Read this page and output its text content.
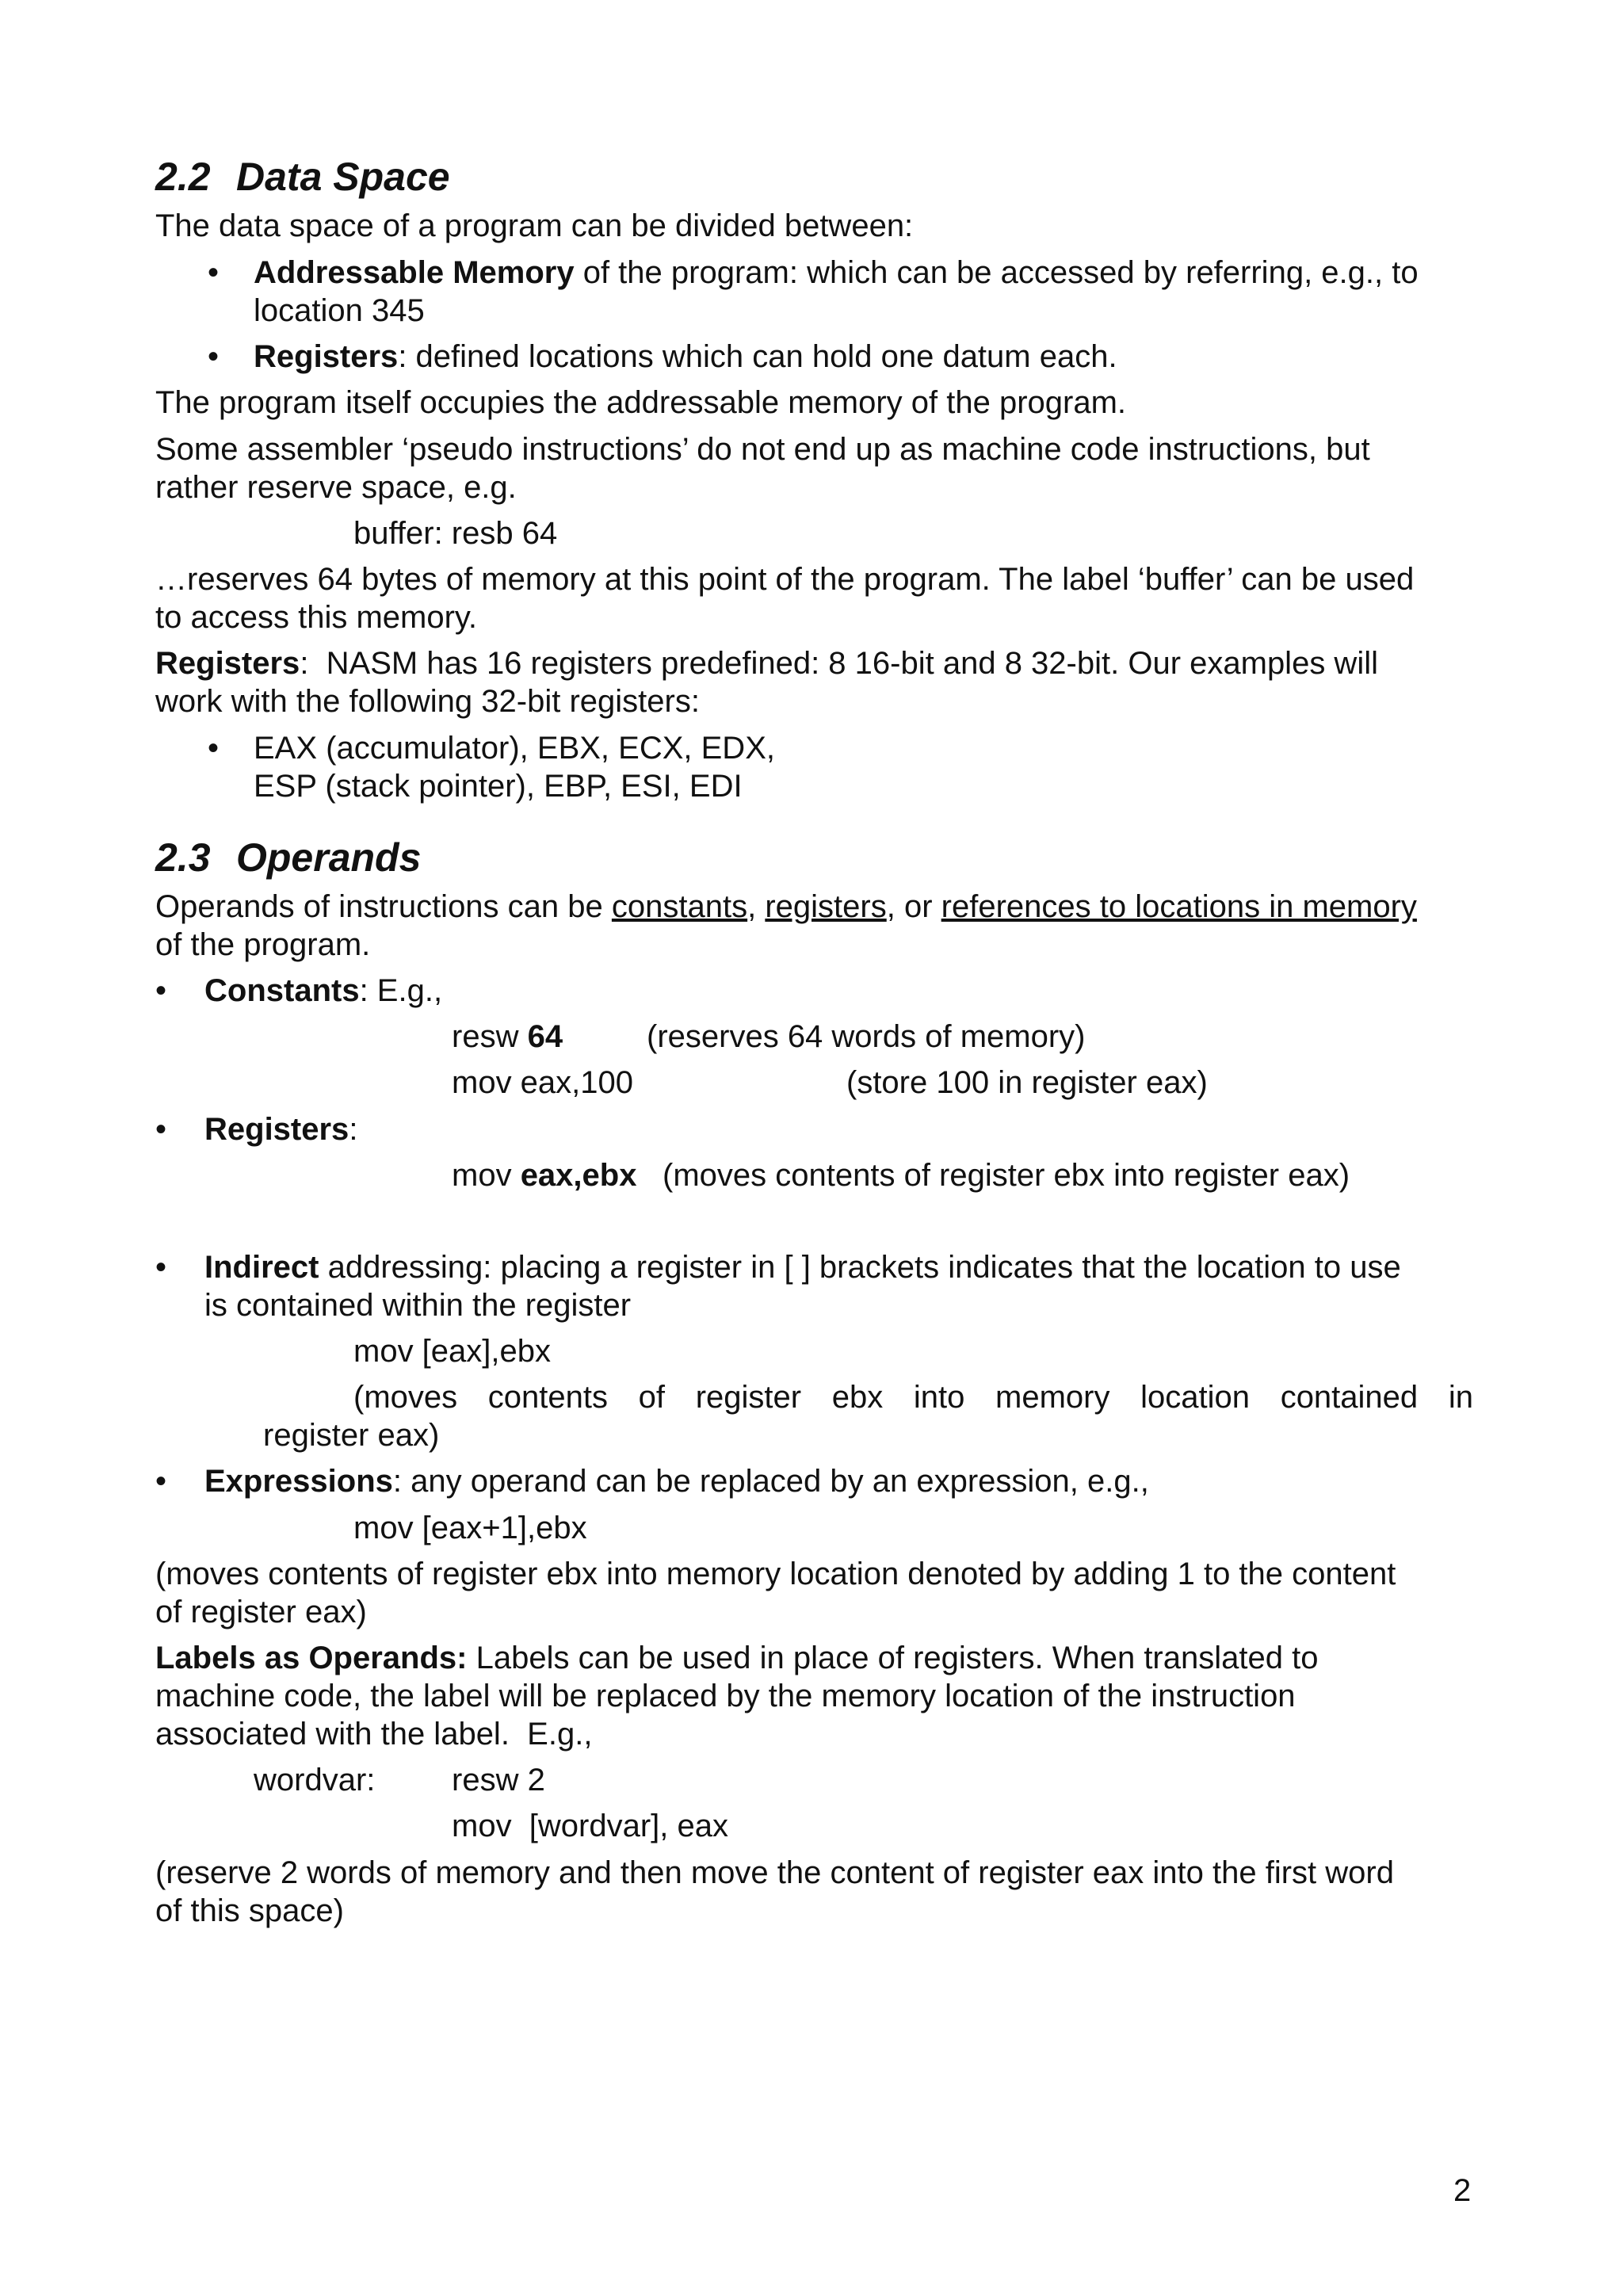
2.2 Data Space
The data space of a program can be divided between:
• Addressable Memory of the program: which can be accessed by referring, e.g., to
location 345
• Registers: defined locations which can hold one datum each.
The program itself occupies the addressable memory of the program.
Some assembler ‘pseudo instructions’ do not end up as machine code instructions, but
rather reserve space, e.g.
buffer: resb 64
…reserves 64 bytes of memory at this point of the program. The label ‘buffer’ can be used
to access this memory.
Registers:  NASM has 16 registers predefined: 8 16-bit and 8 32-bit. Our examples will
work with the following 32-bit registers:
• EAX (accumulator), EBX, ECX, EDX,
ESP (stack pointer), EBP, ESI, EDI
2.3 Operands
Operands of instructions can be constants, registers, or references to locations in memory
of the program.
• Constants: E.g.,
resw 64	(reserves 64 words of memory)
mov eax,100	(store 100 in register eax)
• Registers:
mov eax,ebx (moves contents of register ebx into register eax)
• Indirect addressing: placing a register in [ ] brackets indicates that the location to use
is contained within the register
mov [eax],ebx
(moves contents of register ebx into memory location contained in
register eax)
• Expressions: any operand can be replaced by an expression, e.g.,
mov [eax+1],ebx
(moves contents of register ebx into memory location denoted by adding 1 to the content
of register eax)
Labels as Operands: Labels can be used in place of registers. When translated to
machine code, the label will be replaced by the memory location of the instruction
associated with the label.  E.g.,
wordvar: resw 2
mov  [wordvar], eax
(reserve 2 words of memory and then move the content of register eax into the first word
of this space)
2
